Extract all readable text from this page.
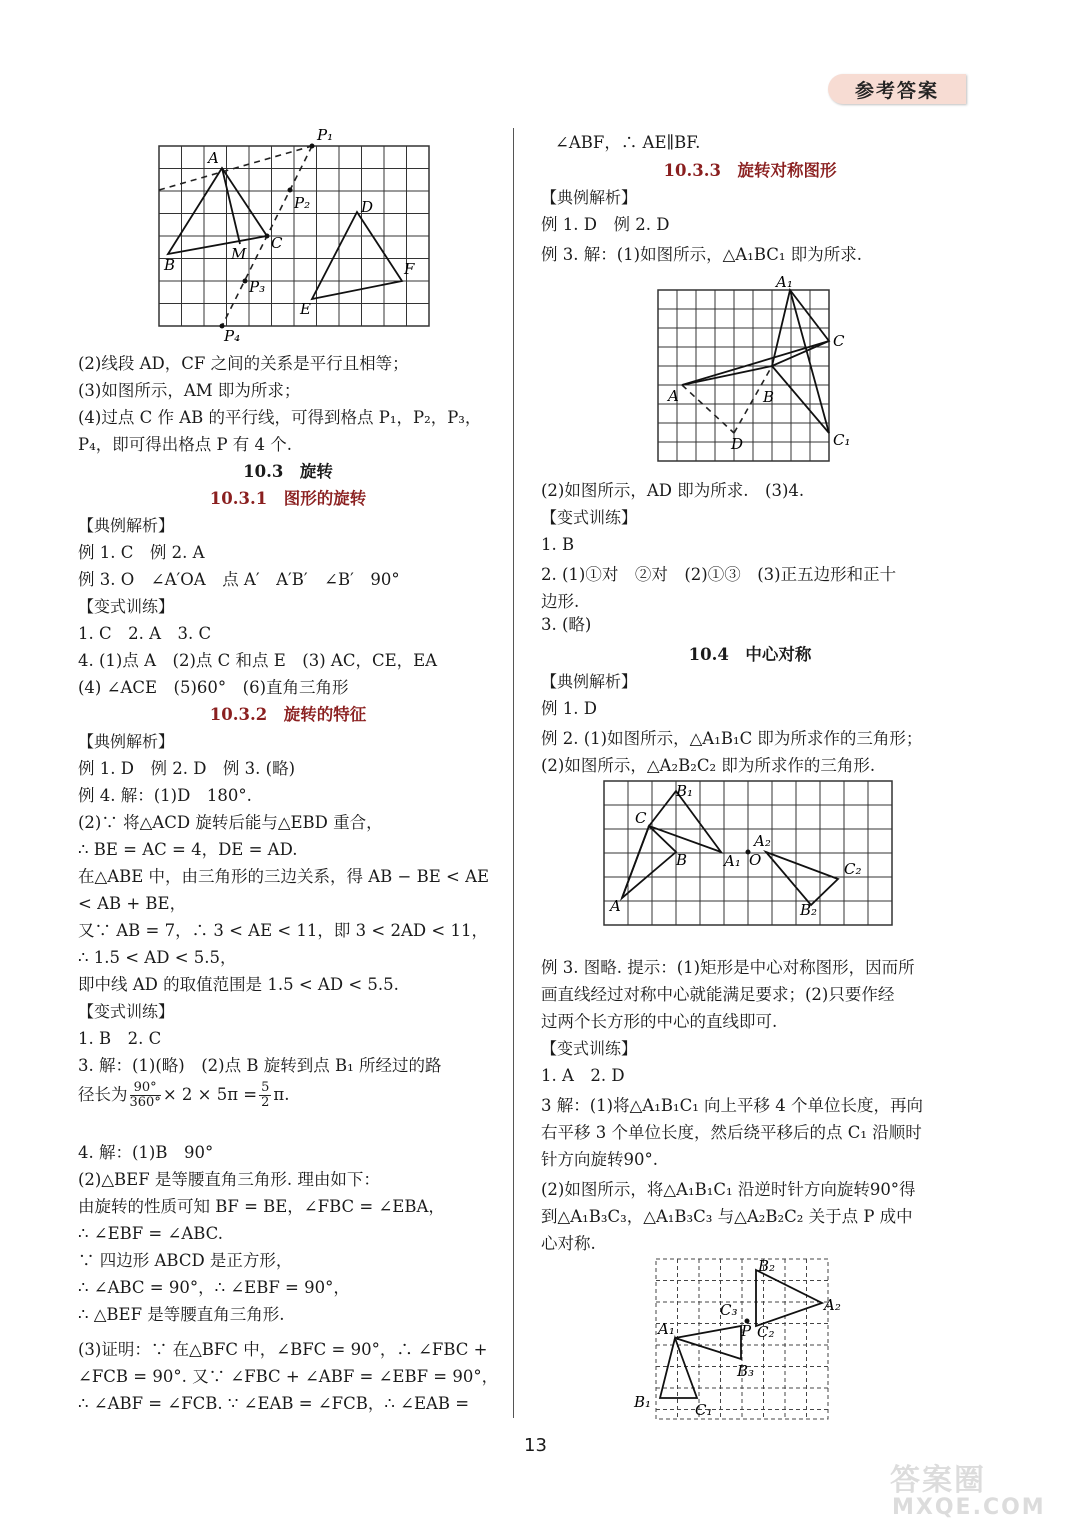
参考答案
P₁
A
P₂	D
C
M
F
B
P₃
E
P₄
(2)线段 AD，CF 之间的关系是平行且相等；
(3)如图所示，AM 即为所求；
(4)过点 C 作 AB 的平行线，可得到格点 P₁，P₂，P₃，
P₄，即可得出格点 P 有 4 个.
10.3　旋转
10.3.1　图形的旋转
【典例解析】
例 1. C　例 2. A
例 3. O　∠A′OA　点 A′　A′B′　∠B′　90°
【变式训练】
1. C　2. A　3. C
4. (1)点 A　(2)点 C 和点 E　(3) AC，CE，EA
(4) ∠ACE　(5)60°　(6)直角三角形
10.3.2　旋转的特征
【典例解析】
例 1. D　例 2. D　例 3. (略)
例 4. 解：(1)D　180°.
(2)∵ 将△ACD 旋转后能与△EBD 重合，
∴ BE = AC = 4，DE = AD.
在△ABE 中，由三角形的三边关系，得 AB − BE < AE
< AB + BE，
又∵ AB = 7，∴ 3 < AE < 11，即 3 < 2AD < 11，
∴ 1.5 < AD < 5.5，
即中线 AD 的取值范围是 1.5 < AD < 5.5.
【变式训练】
1. B　2. C
3. 解：(1)(略)　(2)点 B 旋转到点 B₁ 所经过的路
径长为 $\frac{90^\circ}{360^\circ} \times 2 \times 5\pi = \frac{5}{2} \pi$.
4. 解：(1)B　90°
(2)△BEF 是等腰直角三角形. 理由如下：
由旋转的性质可知 BF = BE，∠FBC = ∠EBA，
∴ ∠EBF = ∠ABC.
∵ 四边形 ABCD 是正方形，
∴ ∠ABC = 90°，∴ ∠EBF = 90°，
∴ △BEF 是等腰直角三角形.
(3)证明：∵ 在△BFC 中，∠BFC = 90°，∴ ∠FBC +
∠FCB = 90°. 又∵ ∠FBC + ∠ABF = ∠EBF = 90°，
∴ ∠ABF = ∠FCB. ∵ ∠EAB = ∠FCB，∴ ∠EAB =
∠ABF，∴ AE∥BF.
10.3.3　旋转对称图形
【典例解析】
例 1. D　例 2. D
例 3. 解：(1)如图所示，△A₁BC₁ 即为所求.
A₁
C
A	B
D	C₁
(2)如图所示，AD 即为所求.　(3)4.
【变式训练】
1. B
2. (1)①对　②对　(2)①③　(3)正五边形和正十
边形.
3. (略)
10.4　中心对称
【典例解析】
例 1. D
例 2. (1)如图所示，△A₁B₁C 即为所求作的三角形；
(2)如图所示，△A₂B₂C₂ 即为所求作的三角形.
B₁
C
B
A₂
A₁ O	C₂
A	B₂
例 3. 图略. 提示：(1)矩形是中心对称图形，因而所
画直线经过对称中心就能满足要求；(2)只要作经
过两个长方形的中心的直线即可.
【变式训练】
1. A　2. D
3 解：(1)将△A₁B₁C₁ 向上平移 4 个单位长度，再向
右平移 3 个单位长度，然后绕平移后的点 C₁ 沿顺时
针方向旋转90°.
(2)如图所示，将△A₁B₁C₁ 沿逆时针方向旋转90°得
到△A₁B₃C₃，△A₁B₃C₃ 与△A₂B₂C₂ 关于点 P 成中
心对称.
B₂
C₃	A₂
A₁	P C₂
B₃
B₁	C₁
13
答案圈
MXQE.COM
